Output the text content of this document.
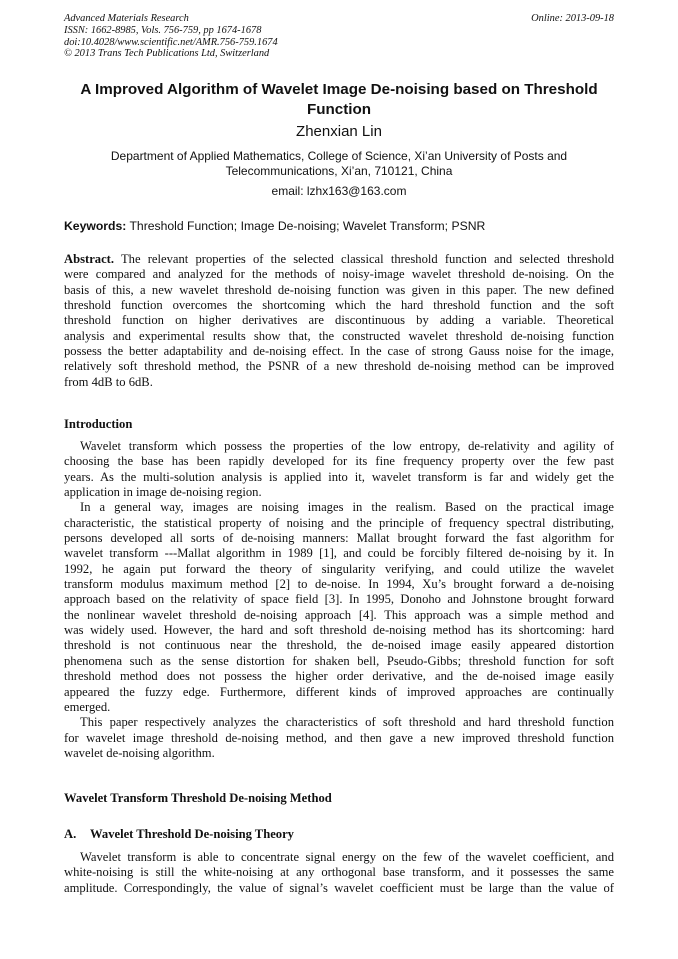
Advanced Materials Research
ISSN: 1662-8985, Vols. 756-759, pp 1674-1678
doi:10.4028/www.scientific.net/AMR.756-759.1674
© 2013 Trans Tech Publications Ltd, Switzerland
Online: 2013-09-18
A Improved Algorithm of Wavelet Image De-noising based on Threshold
Function
Zhenxian Lin
Department of Applied Mathematics, College of Science, Xi’an University of Posts and
Telecommunications, Xi’an, 710121, China
email: lzhx163@163.com
Keywords: Threshold Function; Image De-noising; Wavelet Transform; PSNR
Abstract. The relevant properties of the selected classical threshold function and selected threshold
were compared and analyzed for the methods of noisy-image wavelet threshold de-noising. On the
basis of this, a new wavelet threshold de-noising function was given in this paper. The new defined
threshold function overcomes the shortcoming which the hard threshold function and the soft
threshold function on higher derivatives are discontinuous by adding a variable. Theoretical
analysis and experimental results show that, the constructed wavelet threshold de-noising function
possess the better adaptability and de-noising effect. In the case of strong Gauss noise for the image,
relatively soft threshold method, the PSNR of a new threshold de-noising method can be improved
from 4dB to 6dB.
Introduction
Wavelet transform which possess the properties of the low entropy, de-relativity and agility of
choosing the base has been rapidly developed for its fine frequency property over the few past
years. As the multi-solution analysis is applied into it, wavelet transform is far and widely get the
application in image de-noising region.
In a general way, images are noising images in the realism. Based on the practical image
characteristic, the statistical property of noising and the principle of frequency spectral distributing,
persons developed all sorts of de-noising manners: Mallat brought forward the fast algorithm for
wavelet transform ---Mallat algorithm in 1989 [1], and could be forcibly filtered de-noising by it. In
1992, he again put forward the theory of singularity verifying, and could utilize the wavelet
transform modulus maximum method [2] to de-noise. In 1994, Xu’s brought forward a de-noising
approach based on the relativity of space field [3]. In 1995, Donoho and Johnstone brought forward
the nonlinear wavelet threshold de-noising approach [4]. This approach was a simple method and
was widely used. However, the hard and soft threshold de-noising method has its shortcoming: hard
threshold is not continuous near the threshold, the de-noised image easily appeared distortion
phenomena such as the sense distortion for shaken bell, Pseudo-Gibbs; threshold function for soft
threshold method does not possess the higher order derivative, and the de-noised image easily
appeared the fuzzy edge. Furthermore, different kinds of improved approaches are continually
emerged.
This paper respectively analyzes the characteristics of soft threshold and hard threshold function
for wavelet image threshold de-noising method, and then gave a new improved threshold function
wavelet de-noising algorithm.
Wavelet Transform Threshold De-noising Method
A. Wavelet Threshold De-noising Theory
Wavelet transform is able to concentrate signal energy on the few of the wavelet coefficient, and
white-noising is still the white-noising at any orthogonal base transform, and it possesses the same
amplitude. Correspondingly, the value of signal’s wavelet coefficient must be large than the value of
